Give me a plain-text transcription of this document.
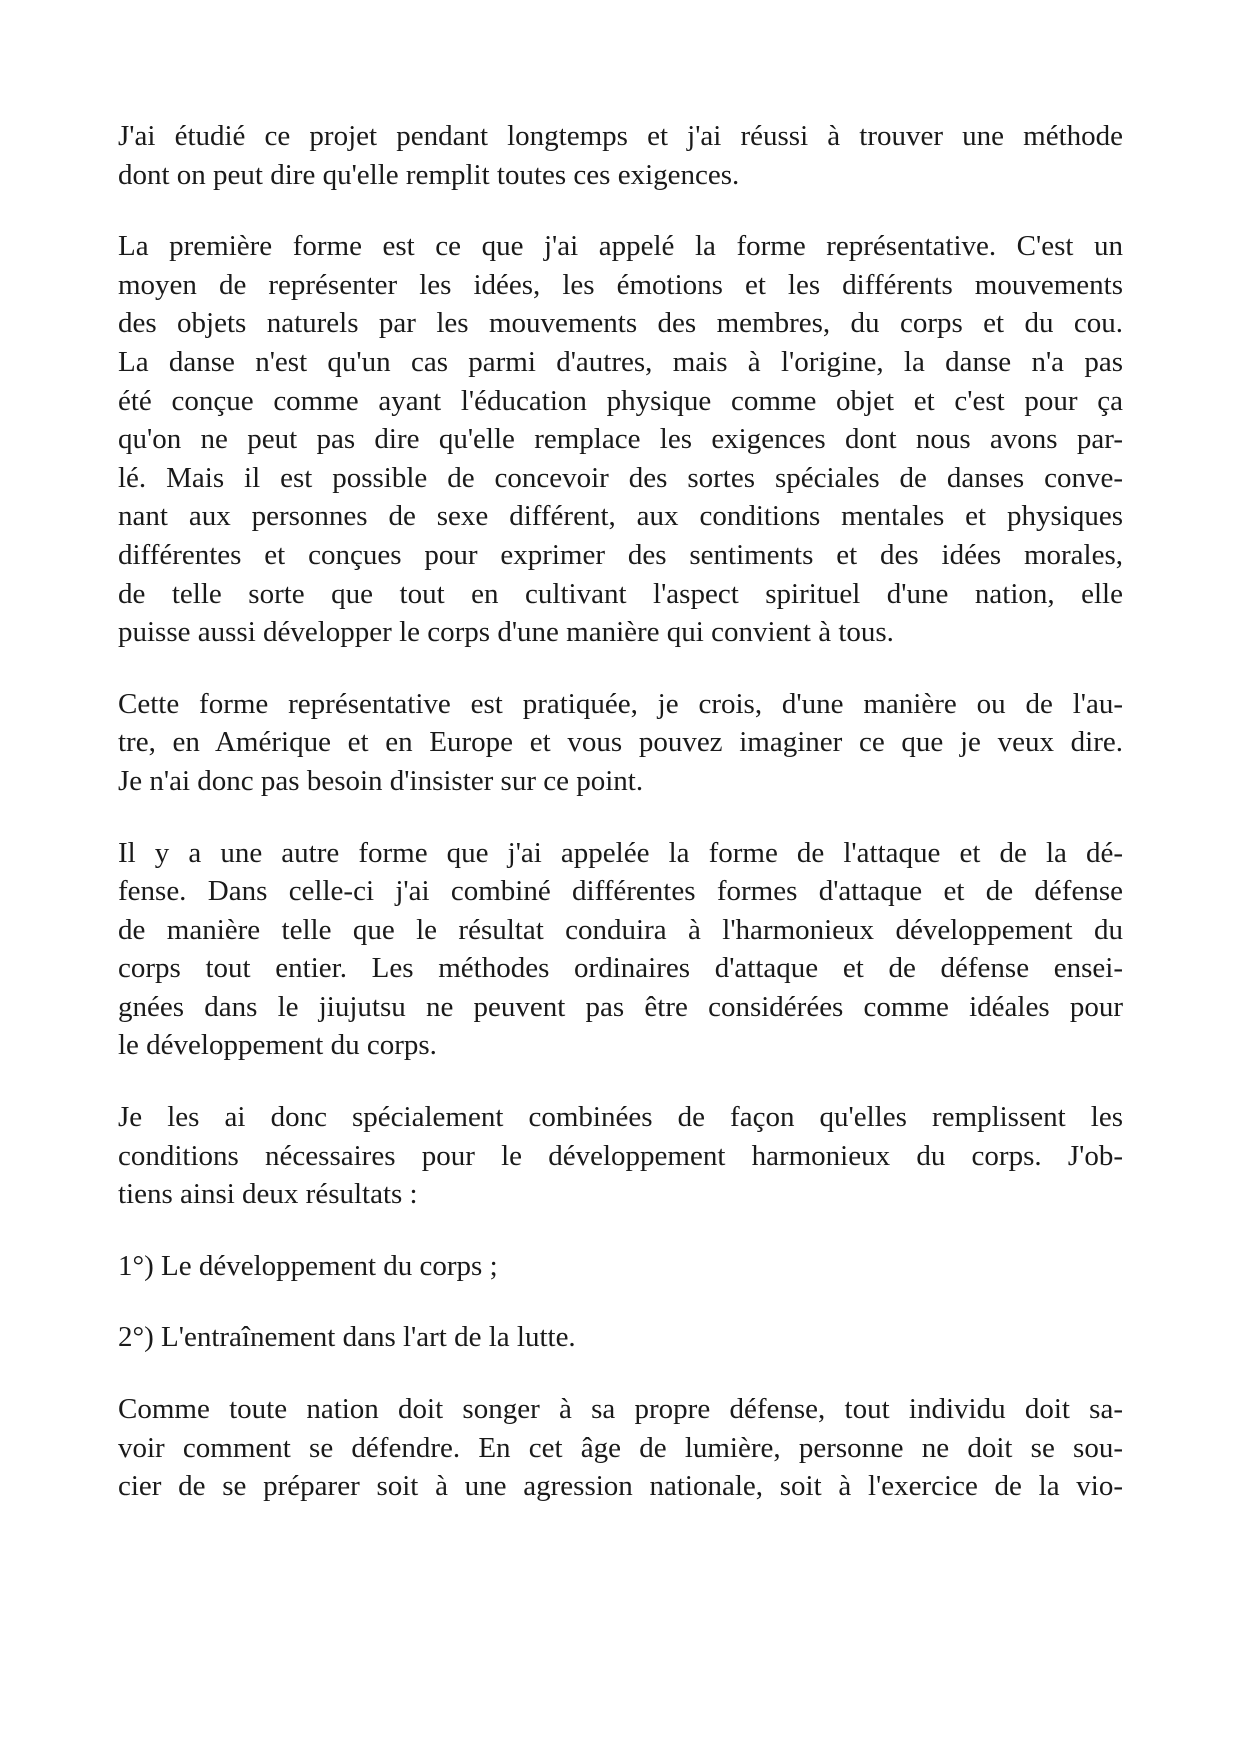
J'ai étudié ce projet pendant longtemps et j'ai réussi à trouver une méthode
dont on peut dire qu'elle remplit toutes ces exigences.
La première forme est ce que j'ai appelé la forme représentative. C'est un
moyen de représenter les idées, les émotions et les différents mouvements
des objets naturels par les mouvements des membres, du corps et du cou.
La danse n'est qu'un cas parmi d'autres, mais à l'origine, la danse n'a pas
été conçue comme ayant l'éducation physique comme objet et c'est pour ça
qu'on ne peut pas dire qu'elle remplace les exigences dont nous avons par-
lé. Mais il est possible de concevoir des sortes spéciales de danses conve-
nant aux personnes de sexe différent, aux conditions mentales et physiques
différentes et conçues pour exprimer des sentiments et des idées morales,
de telle sorte que tout en cultivant l'aspect spirituel d'une nation, elle
puisse aussi développer le corps d'une manière qui convient à tous.
Cette forme représentative est pratiquée, je crois, d'une manière ou de l'au-
tre, en Amérique et en Europe et vous pouvez imaginer ce que je veux dire.
Je n'ai donc pas besoin d'insister sur ce point.
Il y a une autre forme que j'ai appelée la forme de l'attaque et de la dé-
fense. Dans celle-ci j'ai combiné différentes formes d'attaque et de défense
de manière telle que le résultat conduira à l'harmonieux développement du
corps tout entier. Les méthodes ordinaires d'attaque et de défense ensei-
gnées dans le jiujutsu ne peuvent pas être considérées comme idéales pour
le développement du corps.
Je les ai donc spécialement combinées de façon qu'elles remplissent les
conditions nécessaires pour le développement harmonieux du corps. J'ob-
tiens ainsi deux résultats :
1°) Le développement du corps ;
2°) L'entraînement dans l'art de la lutte.
Comme toute nation doit songer à sa propre défense, tout individu doit sa-
voir comment se défendre. En cet âge de lumière, personne ne doit se sou-
cier de se préparer soit à une agression nationale, soit à l'exercice de la vio-
